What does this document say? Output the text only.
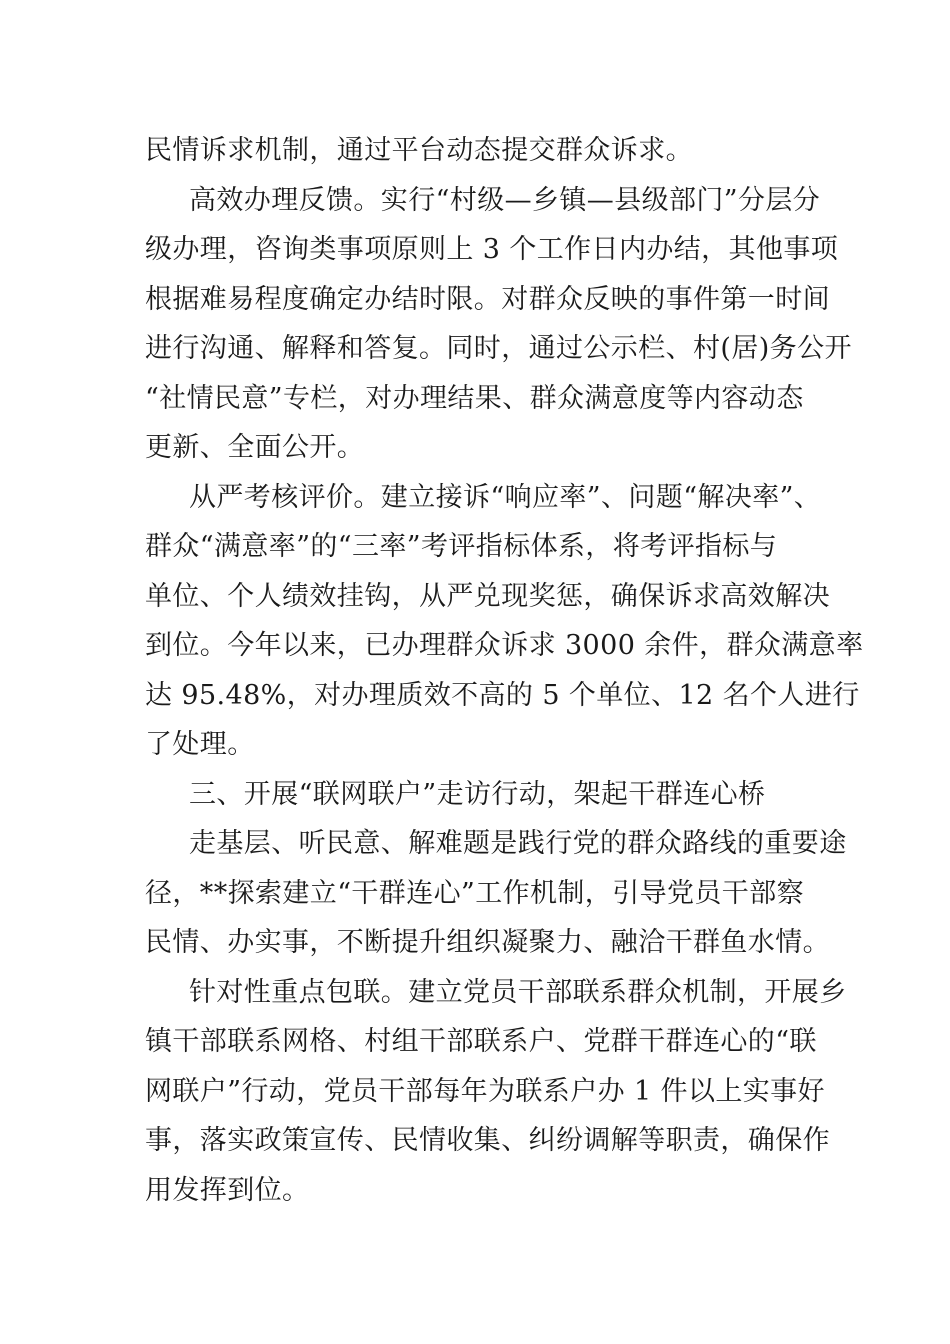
民情诉求机制，通过平台动态提交群众诉求。
高效办理反馈。实行“村级—乡镇—县级部门”分层分
级办理，咨询类事项原则上 3 个工作日内办结，其他事项
根据难易程度确定办结时限。对群众反映的事件第一时间
进行沟通、解释和答复。同时，通过公示栏、村(居)务公开
“社情民意”专栏，对办理结果、群众满意度等内容动态
更新、全面公开。
从严考核评价。建立接诉“响应率”、问题“解决率”、
群众“满意率”的“三率”考评指标体系，将考评指标与
单位、个人绩效挂钩，从严兑现奖惩，确保诉求高效解决
到位。今年以来，已办理群众诉求 3000 余件，群众满意率
达 95.48%，对办理质效不高的 5 个单位、12 名个人进行
了处理。
三、开展“联网联户”走访行动，架起干群连心桥
走基层、听民意、解难题是践行党的群众路线的重要途
径，**探索建立“干群连心”工作机制，引导党员干部察
民情、办实事，不断提升组织凝聚力、融洽干群鱼水情。
针对性重点包联。建立党员干部联系群众机制，开展乡
镇干部联系网格、村组干部联系户、党群干群连心的“联
网联户”行动，党员干部每年为联系户办 1 件以上实事好
事，落实政策宣传、民情收集、纠纷调解等职责，确保作
用发挥到位。
